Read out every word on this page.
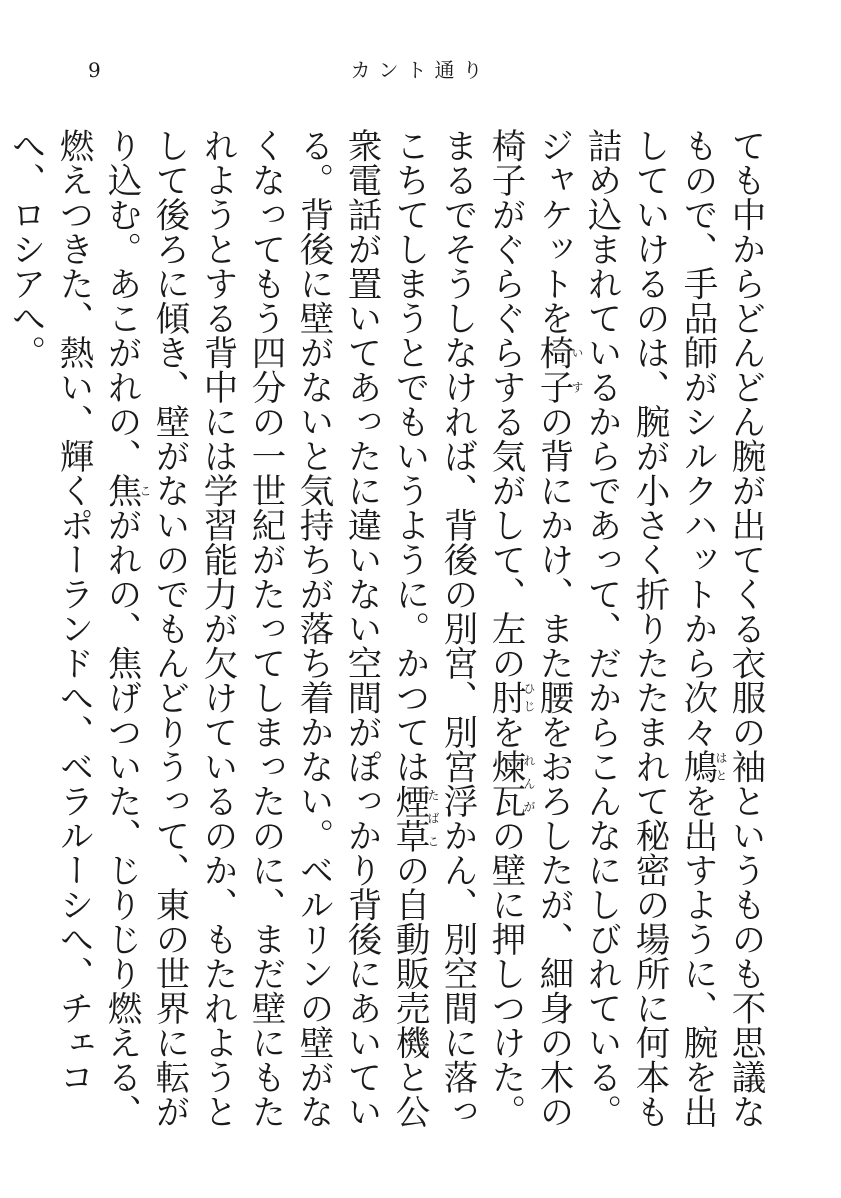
9	カント通り

ても中からどんどん腕が出てくる衣服の袖というものも不思議なもので、手品師がシルクハットから次々鳩はとを出すように、腕を出していけるのは、腕が小さく折りたたまれて秘密の場所に何本も詰め込まれているからであって、だからこんなにしびれている。ジャケットを椅子いすの背にかけ、また腰をおろしたが、細身の木の椅子がぐらぐらする気がして、左の肘ひじを煉瓦れんがの壁に押しつけた。まるでそうしなければ、背後の別宮、別宮浮かん、別空間に落っこちてしまうとでもいうように。かつては煙草たばこの自動販売機と公衆電話が置いてあったに違いない空間がぽっかり背後にあいている。背後に壁がないと気持ちが落ち着かない。ベルリンの壁がなくなってもう四分の一世紀がたってしまったのに、まだ壁にもたれようとする背中には学習能力が欠けているのか、もたれようとして後ろに傾き、壁がないのでもんどりうって、東の世界に転がり込む。あこがれの、焦こがれの、焦げついた、じりじり燃える、燃えつきた、熱い、輝くポーランドへ、ベラルーシへ、チェコへ、ロシアへ。
